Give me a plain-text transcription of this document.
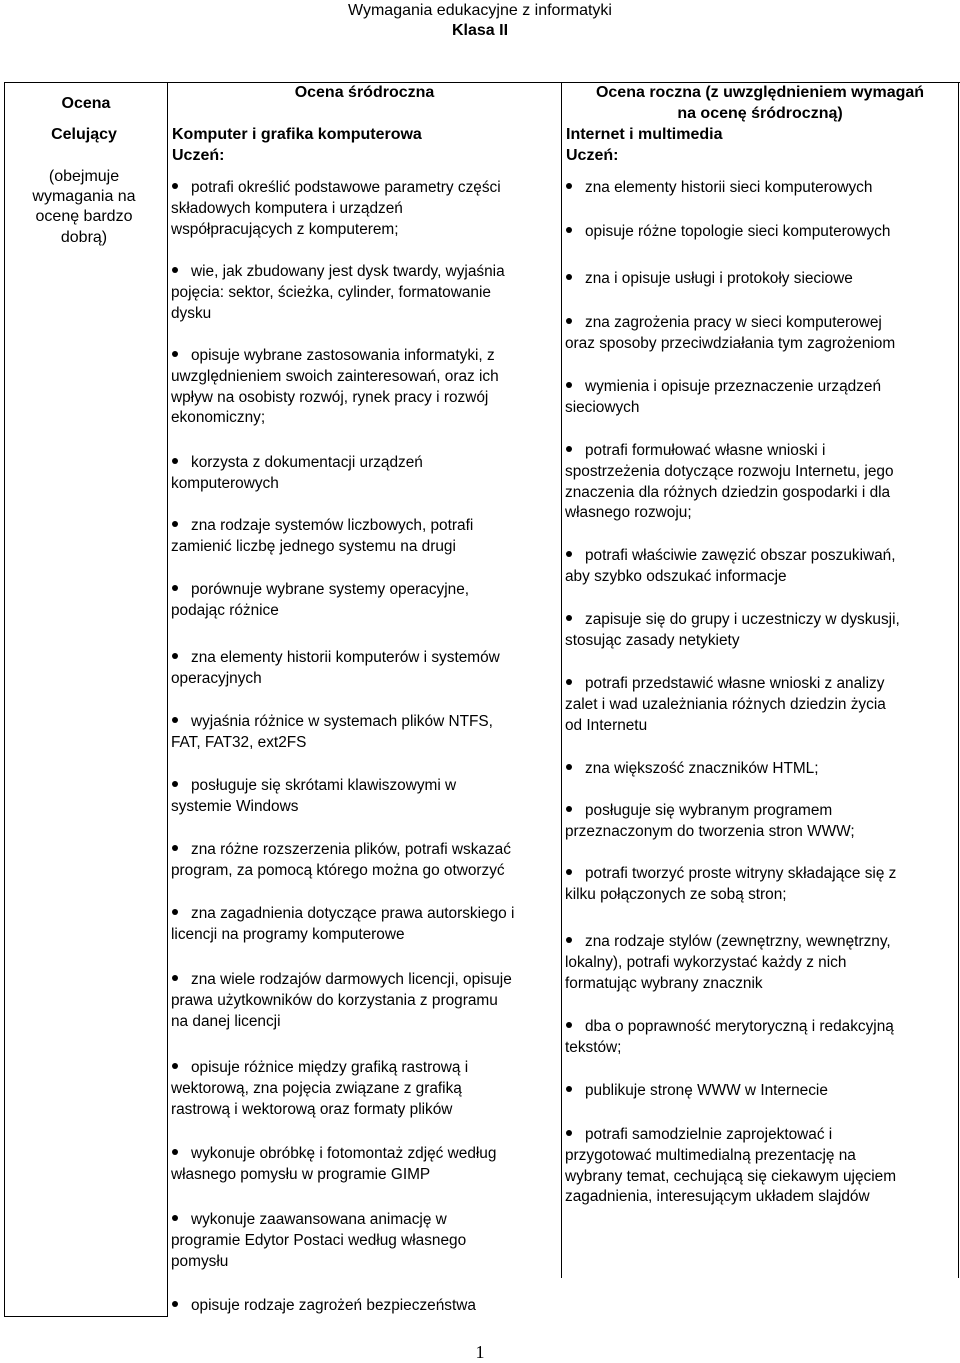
Wymagania edukacyjne z informatyki
Klasa II
Ocena
Ocena śródroczna	Ocena roczna (z uwzględnieniem wymagań
na ocenę śródroczną)
Celujący
(obejmuje
wymagania na
ocenę bardzo
dobrą)
Komputer i grafika komputerowa
Uczeń:
Internet i multimedia
Uczeń:
potrafi określić podstawowe parametry części
składowych komputera i urządzeń
współpracujących z komputerem;
wie, jak zbudowany jest dysk twardy, wyjaśnia
pojęcia: sektor, ścieżka, cylinder, formatowanie
dysku
opisuje wybrane zastosowania informatyki, z
uwzględnieniem swoich zainteresowań, oraz ich
wpływ na osobisty rozwój, rynek pracy i rozwój
ekonomiczny;
korzysta z dokumentacji urządzeń
komputerowych
zna rodzaje systemów liczbowych, potrafi
zamienić liczbę jednego systemu na drugi
porównuje wybrane systemy operacyjne,
podając różnice
zna elementy historii komputerów i systemów
operacyjnych
wyjaśnia różnice w systemach plików NTFS,
FAT, FAT32, ext2FS
posługuje się skrótami klawiszowymi w
systemie Windows
zna różne rozszerzenia plików, potrafi wskazać
program, za pomocą którego można go otworzyć
zna zagadnienia dotyczące prawa autorskiego i
licencji na programy komputerowe
zna wiele rodzajów darmowych licencji, opisuje
prawa użytkowników do korzystania z programu
na danej licencji
opisuje różnice między grafiką rastrową i
wektorową, zna pojęcia związane z grafiką
rastrową i wektorową oraz formaty plików
wykonuje obróbkę i fotomontaż zdjęć według
własnego pomysłu w programie GIMP
wykonuje zaawansowana animację w
programie Edytor Postaci według własnego
pomysłu
opisuje rodzaje zagrożeń bezpieczeństwa
zna elementy historii sieci komputerowych
opisuje różne topologie sieci komputerowych
zna i opisuje usługi i protokoły sieciowe
zna zagrożenia pracy w sieci komputerowej
oraz sposoby przeciwdziałania tym zagrożeniom
wymienia i opisuje przeznaczenie urządzeń
sieciowych
potrafi formułować własne wnioski i
spostrzeżenia dotyczące rozwoju Internetu, jego
znaczenia dla różnych dziedzin gospodarki i dla
własnego rozwoju;
potrafi właściwie zawęzić obszar poszukiwań,
aby szybko odszukać informacje
zapisuje się do grupy i uczestniczy w dyskusji,
stosując zasady netykiety
potrafi przedstawić własne wnioski z analizy
zalet i wad uzależniania różnych dziedzin życia
od Internetu
zna większość znaczników HTML;
posługuje się wybranym programem
przeznaczonym do tworzenia stron WWW;
potrafi tworzyć proste witryny składające się z
kilku połączonych ze sobą stron;
zna rodzaje stylów (zewnętrzny, wewnętrzny,
lokalny), potrafi wykorzystać każdy z nich
formatując wybrany znacznik
dba o poprawność merytoryczną i redakcyjną
tekstów;
publikuje stronę WWW w Internecie
potrafi samodzielnie zaprojektować i
przygotować multimedialną prezentację na
wybrany temat, cechującą się ciekawym ujęciem
zagadnienia, interesującym układem slajdów
1
